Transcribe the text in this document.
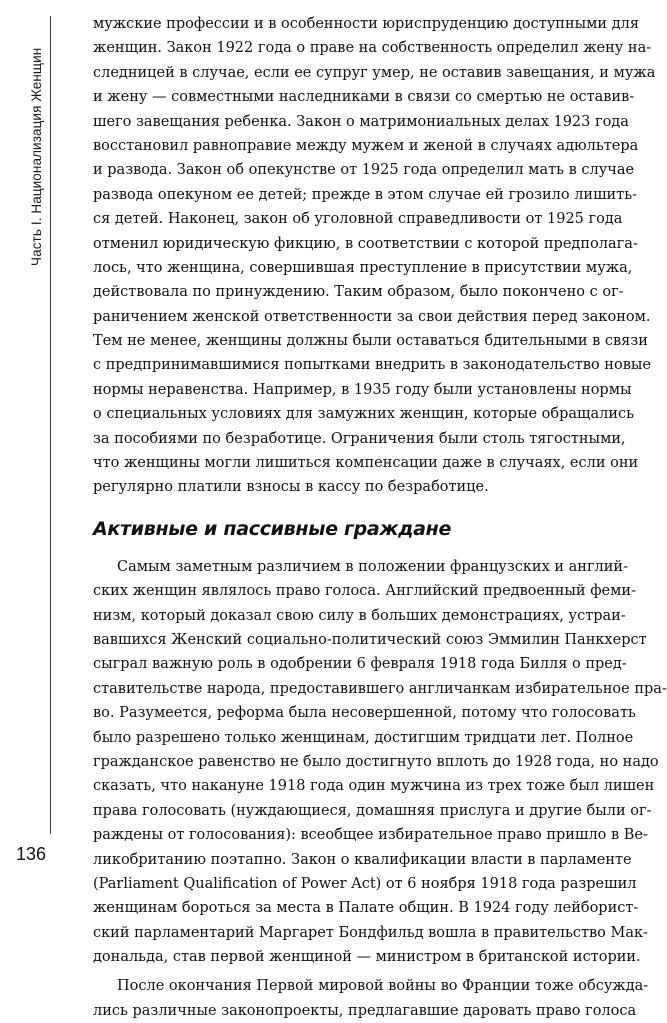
Часть I. Национализация Женщин
136
мужские профессии и в особенности юриспруденцию доступными для
женщин. Закон 1922 года о праве на собственность определил жену на-
следницей в случае, если ее супруг умер, не оставив завещания, и мужа
и жену — совместными наследниками в связи со смертью не оставив-
шего завещания ребенка. Закон о матримониальных делах 1923 года
восстановил равноправие между мужем и женой в случаях адюльтера
и развода. Закон об опекунстве от 1925 года определил мать в случае
развода опекуном ее детей; прежде в этом случае ей грозило лишить-
ся детей. Наконец, закон об уголовной справедливости от 1925 года
отменил юридическую фикцию, в соответствии с которой предполага-
лось, что женщина, совершившая преступление в присутствии мужа,
действовала по принуждению. Таким образом, было покончено с ог-
раничением женской ответственности за свои действия перед законом.
Тем не менее, женщины должны были оставаться бдительными в связи
с предпринимавшимися попытками внедрить в законодательство новые
нормы неравенства. Например, в 1935 году были установлены нормы
о специальных условиях для замужних женщин, которые обращались
за пособиями по безработице. Ограничения были столь тягостными,
что женщины могли лишиться компенсации даже в случаях, если они
регулярно платили взносы в кассу по безработице.
Активные и пассивные граждане
Самым заметным различием в положении французских и англий-
ских женщин являлось право голоса. Английский предвоенный феми-
низм, который доказал свою силу в больших демонстрациях, устраи-
вавшихся Женский социально-политический союз Эммилин Панкхерст
сыграл важную роль в одобрении 6 февраля 1918 года Билля о пред-
ставительстве народа, предоставившего англичанкам избирательное пра-
во. Разумеется, реформа была несовершенной, потому что голосовать
было разрешено только женщинам, достигшим тридцати лет. Полное
гражданское равенство не было достигнуто вплоть до 1928 года, но надо
сказать, что накануне 1918 года один мужчина из трех тоже был лишен
права голосовать (нуждающиеся, домашняя прислуга и другие были ог-
раждены от голосования): всеобщее избирательное право пришло в Ве-
ликобританию поэтапно. Закон о квалификации власти в парламенте
(Parliament Qualification of Power Act) от 6 ноября 1918 года разрешил
женщинам бороться за места в Палате общин. В 1924 году лейборист-
ский парламентарий Маргарет Бондфильд вошла в правительство Мак-
дональда, став первой женщиной — министром в британской истории.
После окончания Первой мировой войны во Франции тоже обсужда-
лись различные законопроекты, предлагавшие даровать право голоса
